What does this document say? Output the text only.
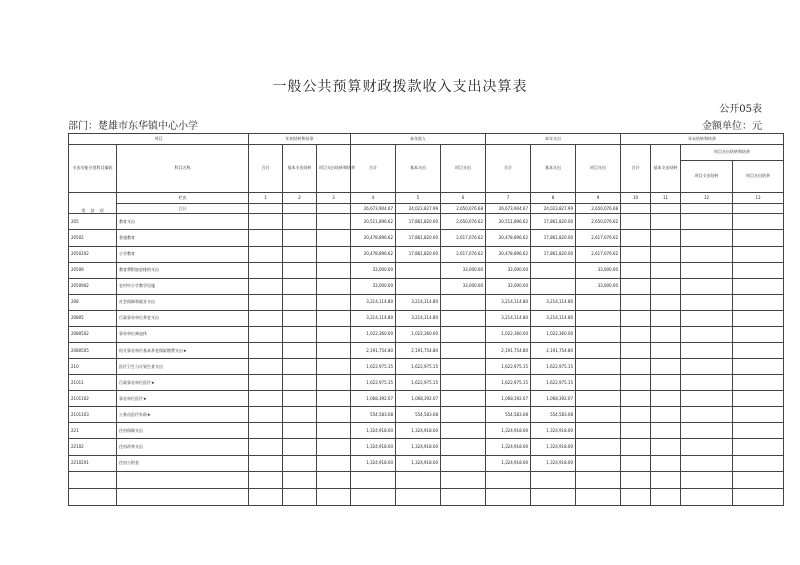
一般公共预算财政拨款收入支出决算表
公开05表
部门：楚雄市东华镇中心小学	金额单位：元
项目		年初结转和结余			本年收入			本年支出			年末结转和结余			
支出功能分类科目编码	科目名称	合计	基本支出结转	项目支出结转和结余	合计	基本支出	项目支出	合计	基本支出	项目支出	合计	基本支出结转	项目支出结转和结余	
													项目支出结转	项目支出结余
类 款 项	栏次	1	2	3	4	5	6	7	8	9	10	11	12	13
	合计				26,673,904.67	24,023,827.99	2,650,076.68	26,673,904.67	24,023,827.99	2,650,076.68				
205	教育支出				20,511,896.62	17,861,820.00	2,650,076.62	20,511,896.62	17,861,820.00	2,650,076.62				
20502	普通教育				20,478,896.62	17,861,820.00	2,617,076.62	20,478,896.62	17,861,820.00	2,617,076.62				
2050202	小学教育				20,478,896.62	17,861,820.00	2,617,076.62	20,478,896.62	17,861,820.00	2,617,076.62				
20509	教育费附加安排的支出				33,000.00		33,000.00	33,000.00		33,000.00				
2050902	农村中小学教学设施				33,000.00		33,000.00	33,000.00		33,000.00				
208	社会保障和就业支出				3,214,114.80	3,214,114.80		3,214,114.80	3,214,114.80					
20805	行政事业单位养老支出				3,214,114.80	3,214,114.80		3,214,114.80	3,214,114.80					
2080502	事业单位离退休				1,022,360.00	1,022,360.00		1,022,360.00	1,022,360.00					
2080505	机关事业单位基本养老保险缴费支出★				2,191,754.80	2,191,754.80		2,191,754.80	2,191,754.80					
210	医疗卫生与计划生育支出				1,622,975.15	1,622,975.15		1,622,975.15	1,622,975.15					
21011	行政事业单位医疗★				1,622,975.15	1,622,975.15		1,622,975.15	1,622,975.15					
2101102	事业单位医疗★				1,068,392.07	1,068,392.07		1,068,392.07	1,068,392.07					
2101103	公务员医疗补助★				554,583.08	554,583.08		554,583.08	554,583.08					
221	住房保障支出				1,324,918.00	1,324,918.00		1,324,918.00	1,324,918.00					
22102	住房改革支出				1,324,918.00	1,324,918.00		1,324,918.00	1,324,918.00					
2210201	住房公积金				1,324,918.00	1,324,918.00		1,324,918.00	1,324,918.00					
